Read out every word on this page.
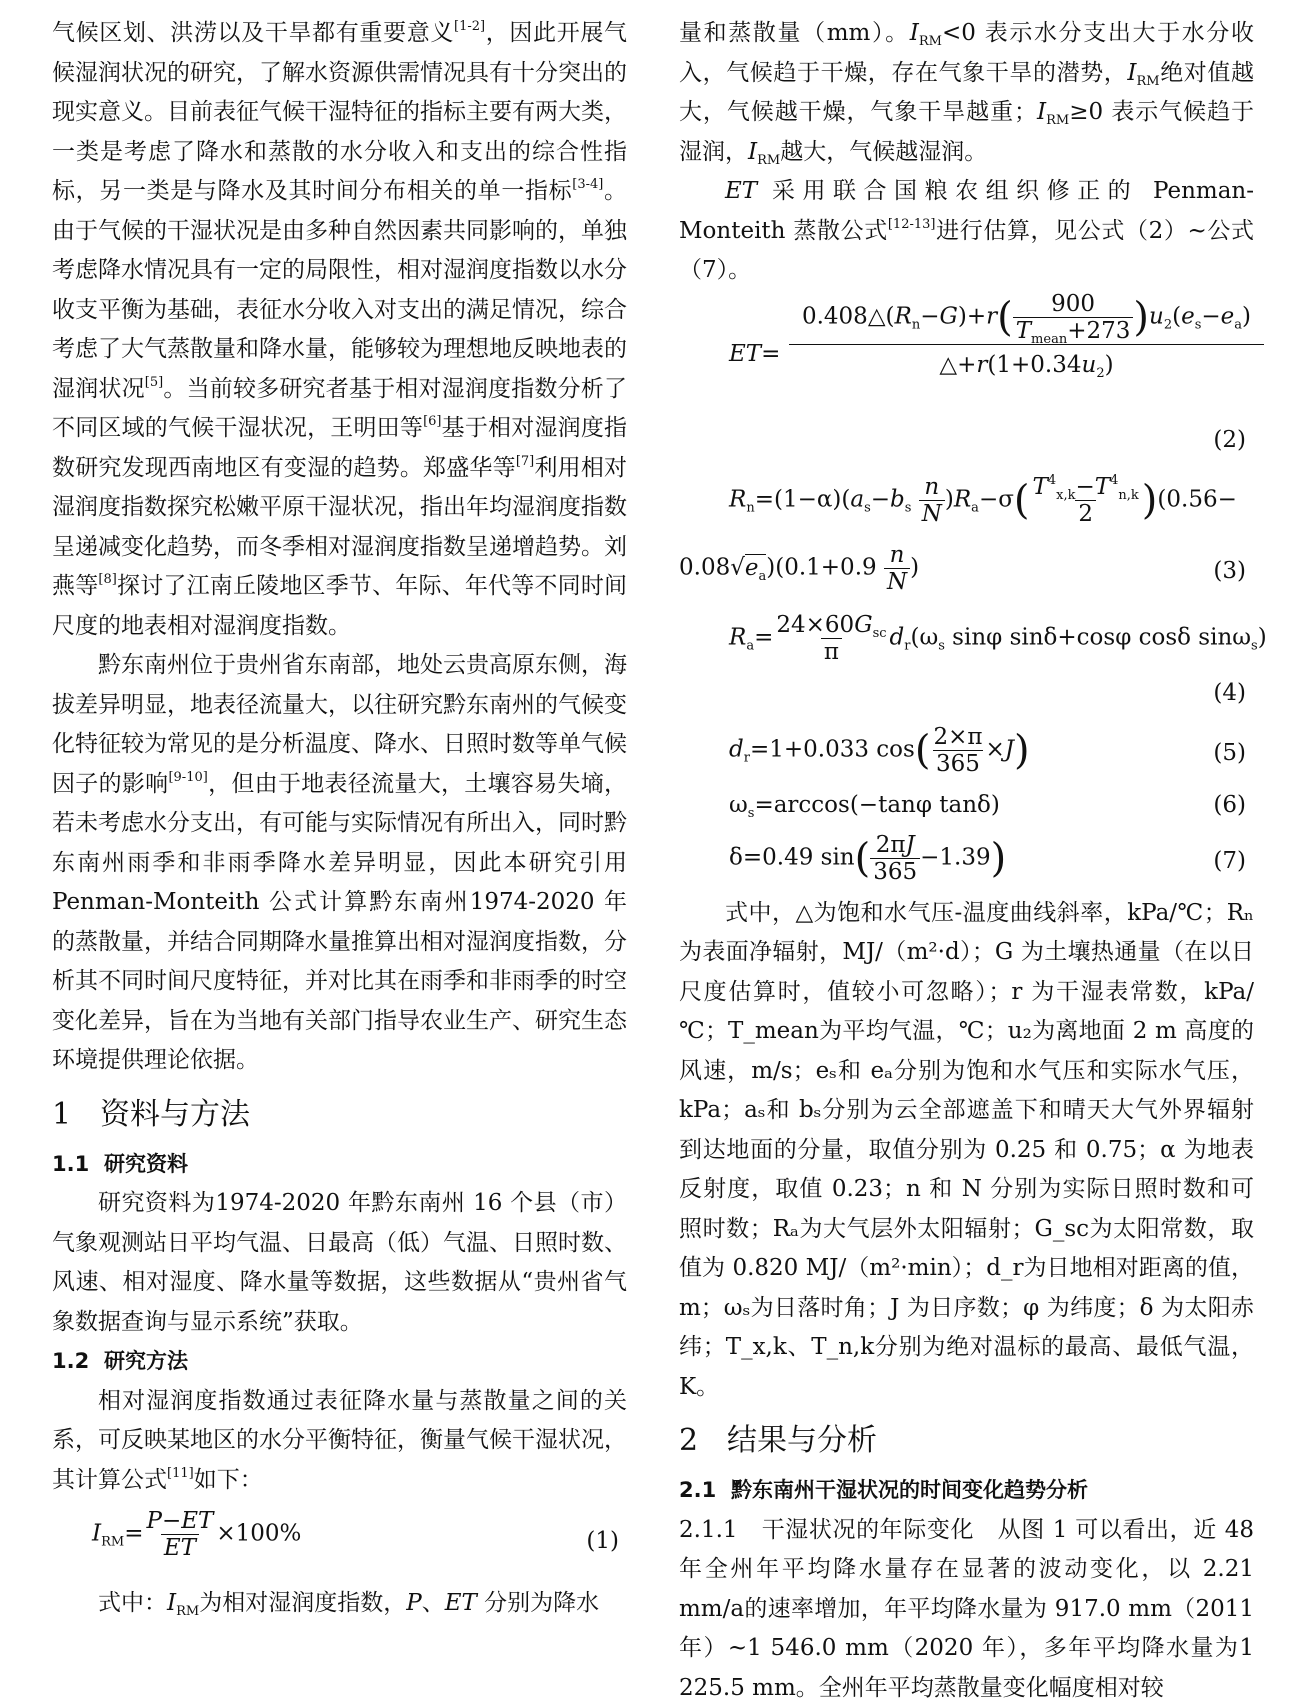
气候区划、洪涝以及干旱都有重要意义[1-2]，因此开展气候湿润状况的研究，了解水资源供需情况具有十分突出的现实意义。目前表征气候干湿特征的指标主要有两大类，一类是考虑了降水和蒸散的水分收入和支出的综合性指标，另一类是与降水及其时间分布相关的单一指标[3-4]。由于气候的干湿状况是由多种自然因素共同影响的，单独考虑降水情况具有一定的局限性，相对湿润度指数以水分收支平衡为基础，表征水分收入对支出的满足情况，综合考虑了大气蒸散量和降水量，能够较为理想地反映地表的湿润状况[5]。当前较多研究者基于相对湿润度指数分析了不同区域的气候干湿状况，王明田等[6]基于相对湿润度指数研究发现西南地区有变湿的趋势。郑盛华等[7]利用相对湿润度指数探究松嫩平原干湿状况，指出年均湿润度指数呈递减变化趋势，而冬季相对湿润度指数呈递增趋势。刘燕等[8]探讨了江南丘陵地区季节、年际、年代等不同时间尺度的地表相对湿润度指数。

黔东南州位于贵州省东南部，地处云贵高原东侧，海拔差异明显，地表径流量大，以往研究黔东南州的气候变化特征较为常见的是分析温度、降水、日照时数等单气候因子的影响[9-10]，但由于地表径流量大，土壤容易失墒，若未考虑水分支出，有可能与实际情况有所出入，同时黔东南州雨季和非雨季降水差异明显，因此本研究引用 Penman-Monteith 公式计算黔东南州1974-2020 年的蒸散量，并结合同期降水量推算出相对湿润度指数，分析其不同时间尺度特征，并对比其在雨季和非雨季的时空变化差异，旨在为当地有关部门指导农业生产、研究生态环境提供理论依据。

1 资料与方法
1.1 研究资料

研究资料为1974-2020 年黔东南州 16 个县（市）气象观测站日平均气温、日最高（低）气温、日照时数、风速、相对湿度、降水量等数据，这些数据从“贵州省气象数据查询与显示系统”获取。

1.2 研究方法

相对湿润度指数通过表征降水量与蒸散量之间的关系，可反映某地区的水分平衡特征，衡量气候干湿状况，其计算公式[11]如下：

$I_{RM}= \frac{P-ET}{ET} \times 100\%$	(1)

式中：$I_{RM}$为相对湿润度指数，P、ET 分别为降水

量和蒸散量（mm）。$I_{RM}<0$ 表示水分支出大于水分收入，气候趋于干燥，存在气象干旱的潜势，$I_{RM}$绝对值越大，气候越干燥，气象干旱越重；$I_{RM}\ge 0$ 表示气候趋于湿润，$I_{RM}$越大，气候越湿润。

ET 采用联合国粮农组织修正的 Penman-Monteith 蒸散公式[12-13]进行估算，见公式（2）~公式（7）。

ET=
$0.408\triangle(R_n-G)+r( \frac{900}{T_{mean}+273} )u_2(e_s-e_a)$
$\triangle+r(1+0.34u_2)$
(2)
$R_n=(1-\alpha)(a_s-b_s \frac{n}{N} )R_a-\sigma( \frac{T^4_{x,k}-T^4_{n,k}}{2} )(0.56-$
$0.08√e_a)(0.1+0.9 \frac{n}{N}$ )	(3)
$R_a= \frac{24\times 60G_{sc}}{\pi} d_r(\omega_s$ sinφ sinδ+cosφ cosδ sinω$_s$)
(4)
$d_r=1+0.033$ $\cos( \frac{2\times\pi}{365} \times J)$	(5)
$\omega_s=\arccos(-\tan\varphi$ tanδ)	(6)
δ=0.49 $\sin( \frac{2\pi J}{365} -1.39)$	(7)

式中，△为饱和水气压-温度曲线斜率，kPa/℃；Rₙ为表面净辐射，MJ/（m²·d）；G 为土壤热通量（在以日尺度估算时，值较小可忽略）；r 为干湿表常数，kPa/℃；T_mean为平均气温，℃；u₂为离地面 2 m 高度的风速，m/s；eₛ和 eₐ分别为饱和水气压和实际水气压，kPa；aₛ和 bₛ分别为云全部遮盖下和晴天大气外界辐射到达地面的分量，取值分别为 0.25 和 0.75；α 为地表反射度，取值 0.23；n 和 N 分别为实际日照时数和可照时数；Rₐ为大气层外太阳辐射；G_sc为太阳常数，取值为 0.820 MJ/（m²·min）；d_r为日地相对距离的值，m；ωₛ为日落时角；J 为日序数；φ 为纬度；δ 为太阳赤纬；T_x,k、T_n,k分别为绝对温标的最高、最低气温，K。

2 结果与分析
2.1 黔东南州干湿状况的时间变化趋势分析

2.1.1　干湿状况的年际变化　从图 1 可以看出，近 48 年全州年平均降水量存在显著的波动变化，以 2.21 mm/a的速率增加，年平均降水量为 917.0 mm（2011 年）~1 546.0 mm（2020 年），多年平均降水量为1 225.5 mm。全州年平均蒸散量变化幅度相对较
